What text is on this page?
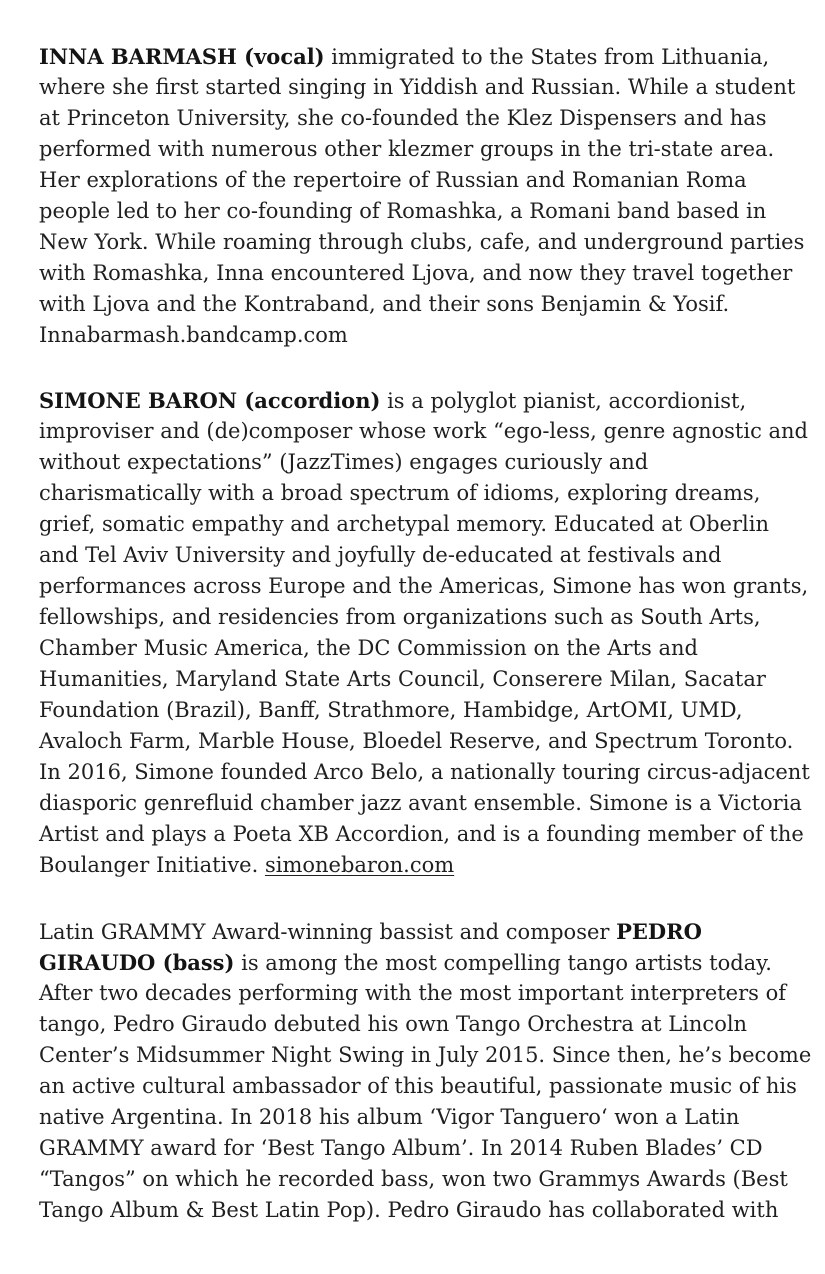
INNA BARMASH (vocal) immigrated to the States from Lithuania,
where she first started singing in Yiddish and Russian. While a student
at Princeton University, she co-founded the Klez Dispensers and has
performed with numerous other klezmer groups in the tri-state area.
Her explorations of the repertoire of Russian and Romanian Roma
people led to her co-founding of Romashka, a Romani band based in
New York. While roaming through clubs, cafe, and underground parties
with Romashka, Inna encountered Ljova, and now they travel together
with Ljova and the Kontraband, and their sons Benjamin & Yosif.
Innabarmash.bandcamp.com
SIMONE BARON (accordion) is a polyglot pianist, accordionist,
improviser and (de)composer whose work “ego-less, genre agnostic and
without expectations” (JazzTimes) engages curiously and
charismatically with a broad spectrum of idioms, exploring dreams,
grief, somatic empathy and archetypal memory. Educated at Oberlin
and Tel Aviv University and joyfully de-educated at festivals and
performances across Europe and the Americas, Simone has won grants,
fellowships, and residencies from organizations such as South Arts,
Chamber Music America, the DC Commission on the Arts and
Humanities, Maryland State Arts Council, Conserere Milan, Sacatar
Foundation (Brazil), Banff, Strathmore, Hambidge, ArtOMI, UMD,
Avaloch Farm, Marble House, Bloedel Reserve, and Spectrum Toronto.
In 2016, Simone founded Arco Belo, a nationally touring circus-adjacent
diasporic genrefluid chamber jazz avant ensemble. Simone is a Victoria
Artist and plays a Poeta XB Accordion, and is a founding member of the
Boulanger Initiative. simonebaron.com
Latin GRAMMY Award-winning bassist and composer PEDRO
GIRAUDO (bass) is among the most compelling tango artists today.
After two decades performing with the most important interpreters of
tango, Pedro Giraudo debuted his own Tango Orchestra at Lincoln
Center’s Midsummer Night Swing in July 2015. Since then, he’s become
an active cultural ambassador of this beautiful, passionate music of his
native Argentina. In 2018 his album ‘Vigor Tanguero‘ won a Latin
GRAMMY award for ‘Best Tango Album’. In 2014 Ruben Blades’ CD
“Tangos” on which he recorded bass, won two Grammys Awards (Best
Tango Album & Best Latin Pop). Pedro Giraudo has collaborated with
